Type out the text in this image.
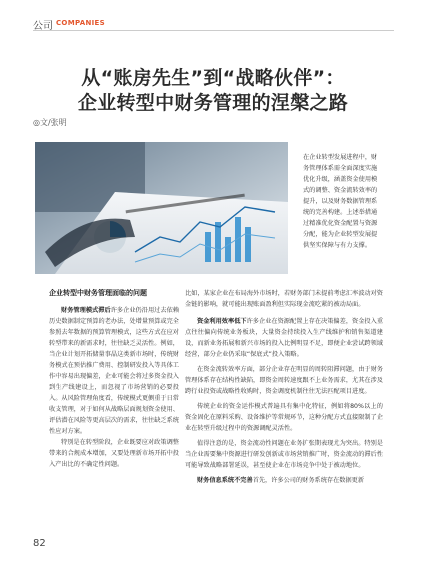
公司 COMPANIES
从“账房先生”到“战略伙伴”：
企业转型中财务管理的涅槃之路
◎文/张明
在企业转型发展进程中，财务管理体系需全面深度实施优化升级，涵盖资金使用模式的调整、资金流转效率的提升，以及财务数据管理系统的完善构建。上述举措通过精准优化资金配置与资源分配，能为企业转型发展提供坚实保障与有力支撑。

企业转型中财务管理面临的问题

财务管理模式滞后许多企业仍沿用过去依赖历史数据制定预算的老办法，处增量预算或完全参照去年数据的预算管理模式，这些方式在应对转型带来的新需求时，往往缺乏灵活性。例如，当企业计划开拓储量事晶这类新市场时，传统财务模式在预估推广费用、控制研发投入等具体工作中容易出现偏差，企业可能会将过多资金投入到生产线建设上，而忽视了市场营销的必要投入。从风险管理角度看，传统模式更侧重于日常收支管理，对于如何从战略层面规划资金使用、评估潜在风险等更高层次的需求，往往缺乏系统性应对方案。

特别是在转型阶段，企业既要应对政策调整带来的合规成本增加，又要处理新市场开拓中投入产出比的不确定性问题。

比如，某家企业在布局海外市场时，若财务部门未提前考虑汇率波动对资金链的影响，就可能出现账面盈利但实际现金流吃紧的被动局面。

资金利用效率低下许多企业在资源配置上存在决策偏差，资金投入重点往往偏向传统业务板块，大量资金持续投入生产线维护和销售渠道建设，而新业务拓展和新兴市场的投入比例明显不足，即便企业尝试跨领域经营，部分企业仍采取“保底式”投入策略。

在资金流转效率方面，部分企业存在明显的周转阻滞问题，由于财务管理体系存在结构性缺陷，即资金周转速度跟不上业务需求，尤其在涉及跨行业投资或战略性收购时，资金调度机制往往无法匹配项目进度。

传统企业的资金运作模式普遍具有集中化特征，例如将80%以上的资金固化在原料采购、设备维护等常规环节，这种分配方式直接限制了企业在转型升级过程中的资源调配灵活性。

值得注意的是，资金流动性问题在业务扩张期表现尤为突出。特别是当企业需要集中资源进行研发创新或市场营销推广时，资金流动的滞后性可能导致战略部署延误，甚至使企业在市场竞争中处于被动地位。

财务信息系统不完善首先，许多公司的财务系统存在数据更新

82
